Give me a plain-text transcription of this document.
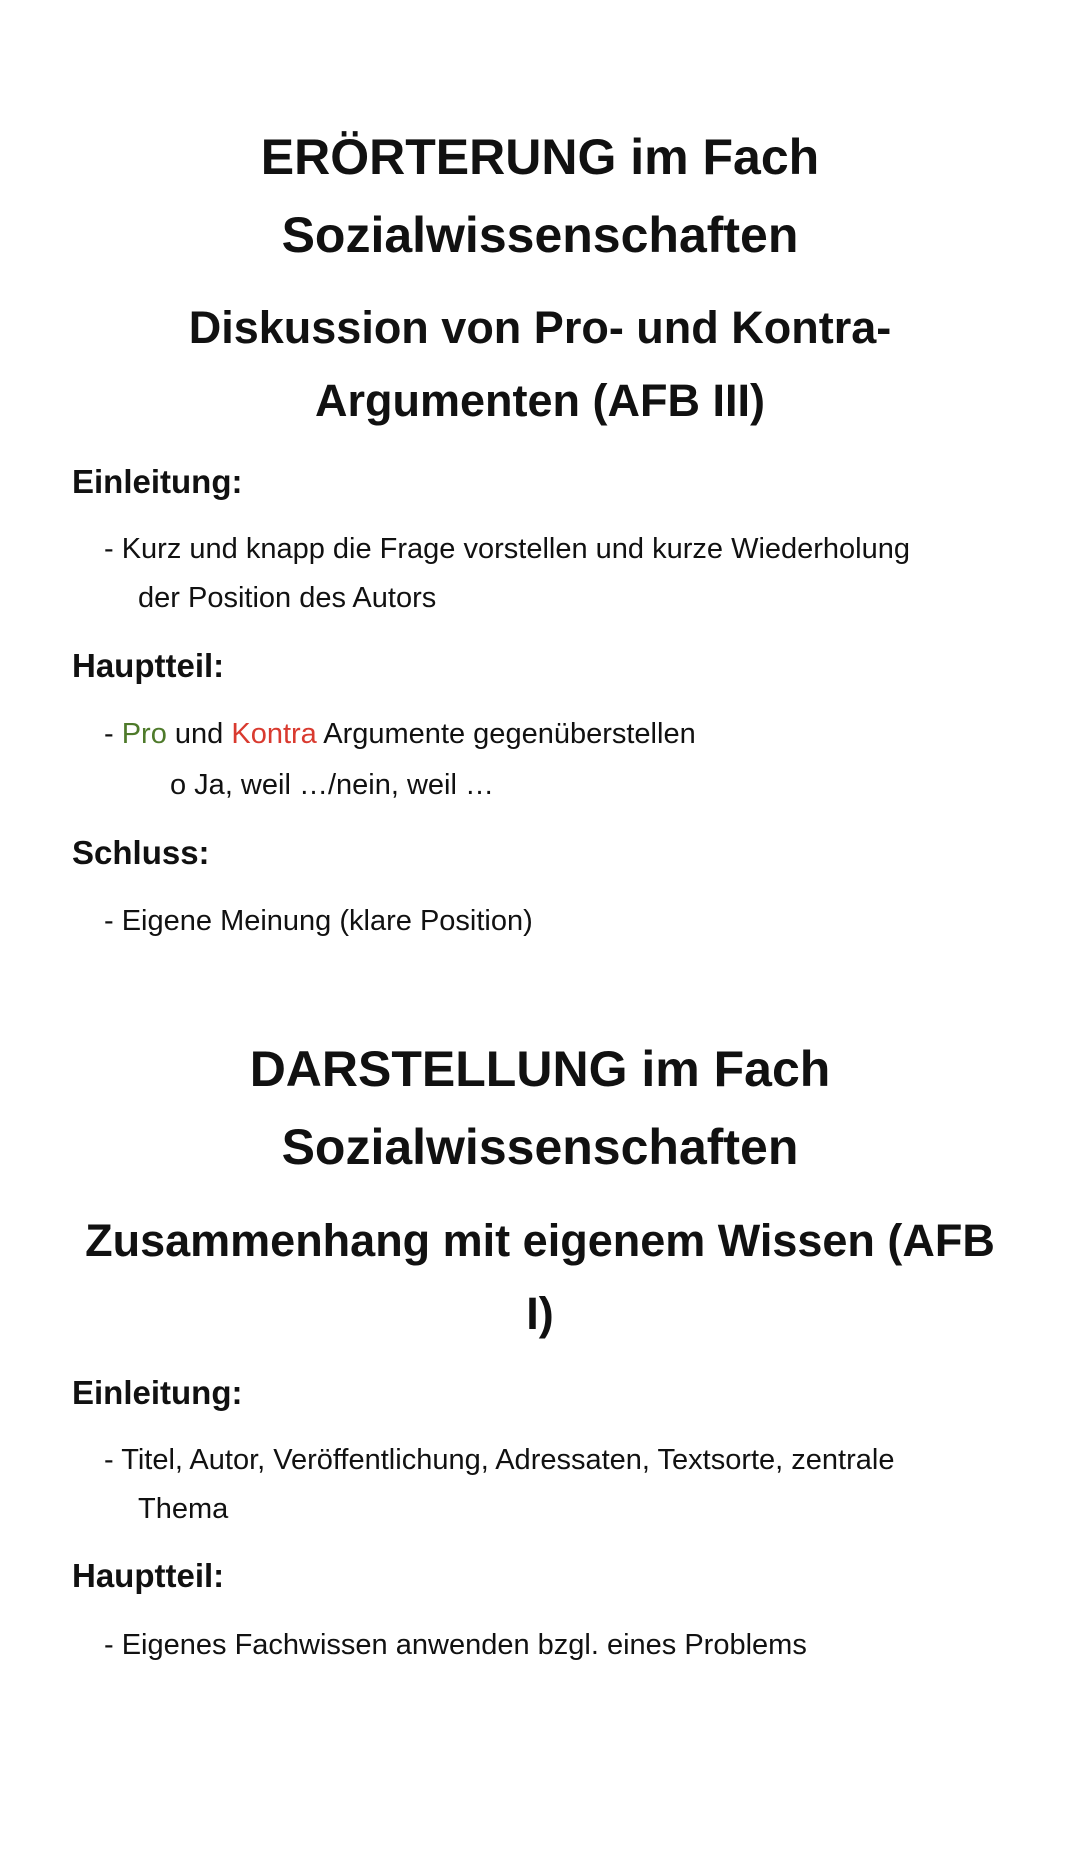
ERÖRTERUNG im Fach
Sozialwissenschaften
Diskussion von Pro- und Kontra-
Argumenten (AFB III)
Einleitung:

- Kurz und knapp die Frage vorstellen und kurze Wiederholung
der Position des Autors

Hauptteil:

- Pro und Kontra Argumente gegenüberstellen

o Ja, weil …/nein, weil …

Schluss:

- Eigene Meinung (klare Position)

DARSTELLUNG im Fach
Sozialwissenschaften
Zusammenhang mit eigenem Wissen (AFB
I)
Einleitung:

- Titel, Autor, Veröffentlichung, Adressaten, Textsorte, zentrale
Thema

Hauptteil:

- Eigenes Fachwissen anwenden bzgl. eines Problems
